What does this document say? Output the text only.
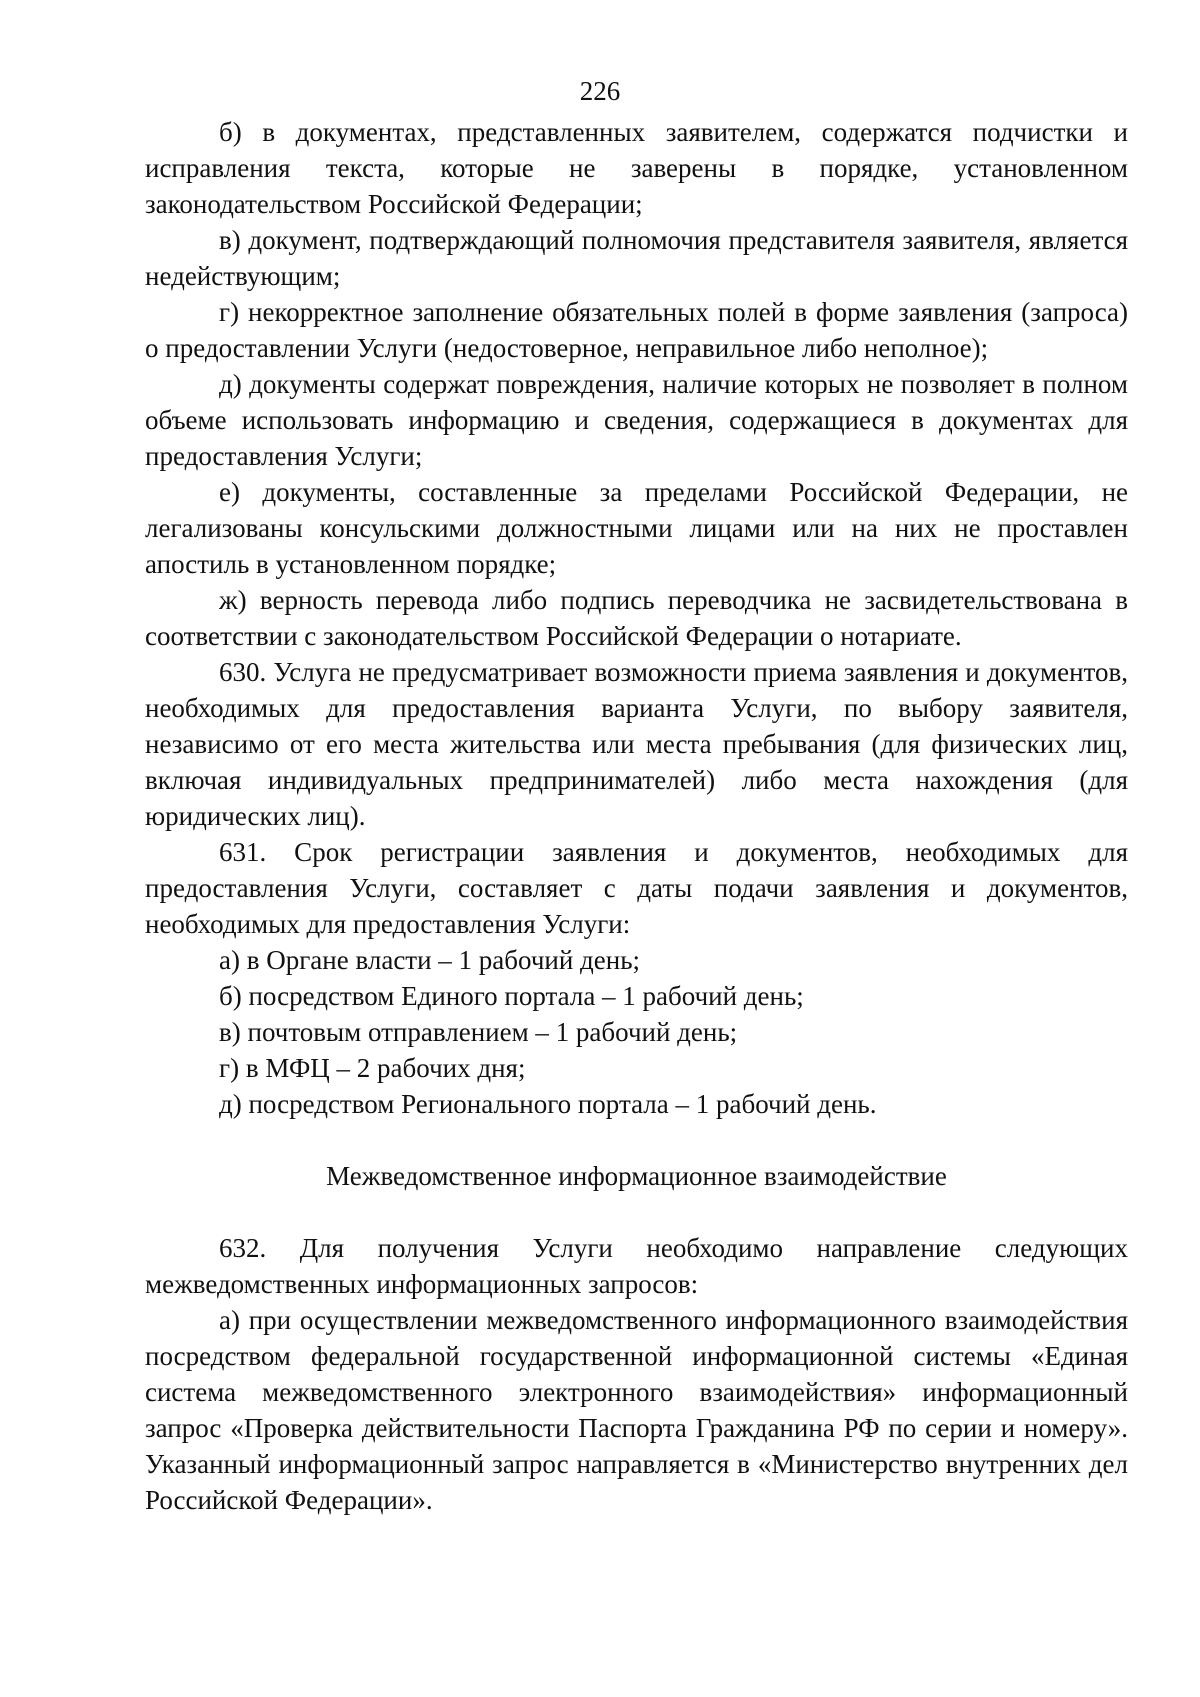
226

б) в документах, представленных заявителем, содержатся подчистки и исправления текста, которые не заверены в порядке, установленном законодательством Российской Федерации;

в) документ, подтверждающий полномочия представителя заявителя, является недействующим;

г) некорректное заполнение обязательных полей в форме заявления (запроса) о предоставлении Услуги (недостоверное, неправильное либо неполное);

д) документы содержат повреждения, наличие которых не позволяет в полном объеме использовать информацию и сведения, содержащиеся в документах для предоставления Услуги;

е) документы, составленные за пределами Российской Федерации, не легализованы консульскими должностными лицами или на них не проставлен апостиль в установленном порядке;

ж) верность перевода либо подпись переводчика не засвидетельствована в соответствии с законодательством Российской Федерации о нотариате.

630. Услуга не предусматривает возможности приема заявления и документов, необходимых для предоставления варианта Услуги, по выбору заявителя, независимо от его места жительства или места пребывания (для физических лиц, включая индивидуальных предпринимателей) либо места нахождения (для юридических лиц).

631. Срок регистрации заявления и документов, необходимых для предоставления Услуги, составляет с даты подачи заявления и документов, необходимых для предоставления Услуги:

а) в Органе власти – 1 рабочий день;

б) посредством Единого портала – 1 рабочий день;

в) почтовым отправлением – 1 рабочий день;

г) в МФЦ – 2 рабочих дня;

д) посредством Регионального портала – 1 рабочий день.

Межведомственное информационное взаимодействие

632. Для получения Услуги необходимо направление следующих межведомственных информационных запросов:

а) при осуществлении межведомственного информационного взаимодействия посредством федеральной государственной информационной системы «Единая система межведомственного электронного взаимодействия» информационный запрос «Проверка действительности Паспорта Гражданина РФ по серии и номеру». Указанный информационный запрос направляется в «Министерство внутренних дел Российской Федерации».
